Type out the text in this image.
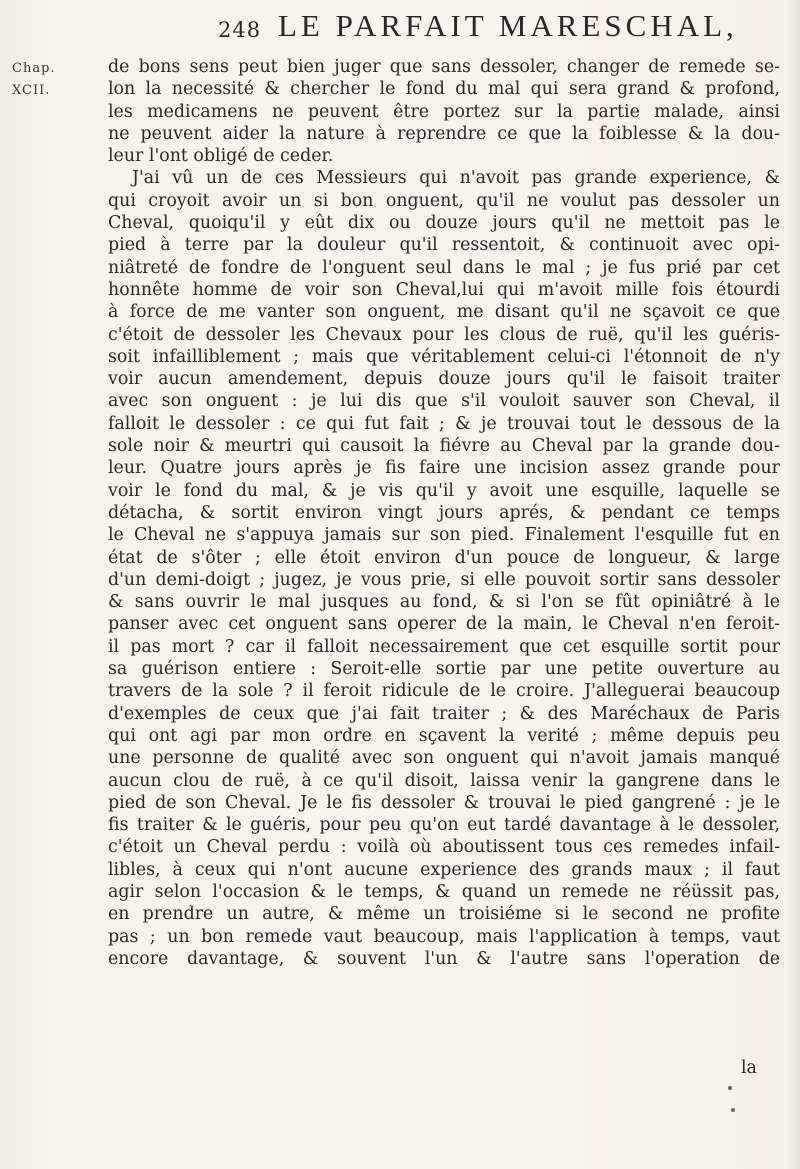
248 LE PARFAIT MARESCHAL,
Chap.
XCII.
de bons sens peut bien juger que sans dessoler, changer de remede se-
lon la necessité & chercher le fond du mal qui sera grand & profond,
les medicamens ne peuvent être portez sur la partie malade, ainsi
ne peuvent aider la nature à reprendre ce que la foiblesse & la dou-
leur l'ont obligé de ceder.
J'ai vû un de ces Messieurs qui n'avoit pas grande experience, &
qui croyoit avoir un si bon onguent, qu'il ne voulut pas dessoler un
Cheval, quoiqu'il y eût dix ou douze jours qu'il ne mettoit pas le
pied à terre par la douleur qu'il ressentoit, & continuoit avec opi-
niâtreté de fondre de l'onguent seul dans le mal ; je fus prié par cet
honnête homme de voir son Cheval,lui qui m'avoit mille fois étourdi
à force de me vanter son onguent, me disant qu'il ne sçavoit ce que
c'étoit de dessoler les Chevaux pour les clous de ruë, qu'il les guéris-
soit infailliblement ; mais que véritablement celui-ci l'étonnoit de n'y
voir aucun amendement, depuis douze jours qu'il le faisoit traiter
avec son onguent : je lui dis que s'il vouloit sauver son Cheval, il
falloit le dessoler : ce qui fut fait ; & je trouvai tout le dessous de la
sole noir & meurtri qui causoit la fiévre au Cheval par la grande dou-
leur. Quatre jours après je fis faire une incision assez grande pour
voir le fond du mal, & je vis qu'il y avoit une esquille, laquelle se
détacha, & sortit environ vingt jours aprés, & pendant ce temps
le Cheval ne s'appuya jamais sur son pied. Finalement l'esquille fut en
état de s'ôter ; elle étoit environ d'un pouce de longueur, & large
d'un demi-doigt ; jugez, je vous prie, si elle pouvoit sortir sans dessoler
& sans ouvrir le mal jusques au fond, & si l'on se fût opiniâtré à le
panser avec cet onguent sans operer de la main, le Cheval n'en feroit-
il pas mort ? car il falloit necessairement que cet esquille sortit pour
sa guérison entiere : Seroit-elle sortie par une petite ouverture au
travers de la sole ? il feroit ridicule de le croire. J'alleguerai beaucoup
d'exemples de ceux que j'ai fait traiter ; & des Maréchaux de Paris
qui ont agi par mon ordre en sçavent la verité ; même depuis peu
une personne de qualité avec son onguent qui n'avoit jamais manqué
aucun clou de ruë, à ce qu'il disoit, laissa venir la gangrene dans le
pied de son Cheval. Je le fis dessoler & trouvai le pied gangrené : je le
fis traiter & le guéris, pour peu qu'on eut tardé davantage à le dessoler,
c'étoit un Cheval perdu : voilà où aboutissent tous ces remedes infail-
libles, à ceux qui n'ont aucune experience des grands maux ; il faut
agir selon l'occasion & le temps, & quand un remede ne réüssit pas,
en prendre un autre, & même un troisiéme si le second ne profite
pas ; un bon remede vaut beaucoup, mais l'application à temps, vaut
encore davantage, & souvent l'un & l'autre sans l'operation de
la
